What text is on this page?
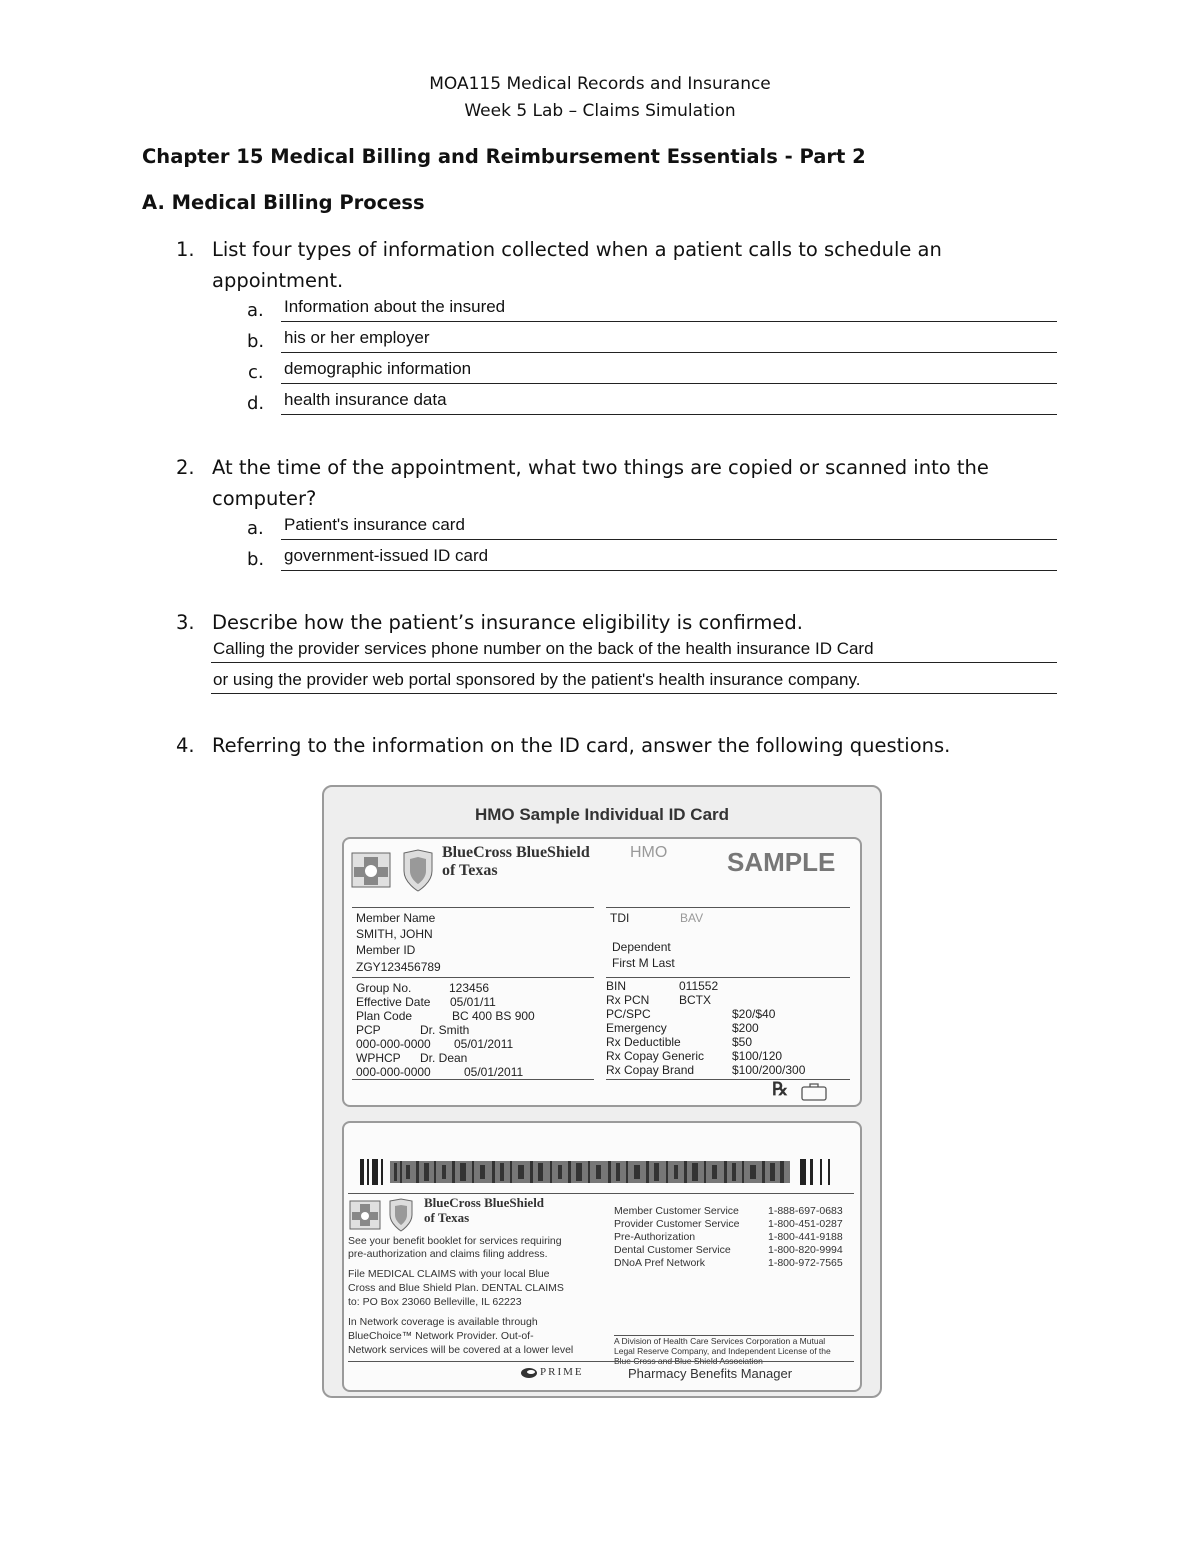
MOA115 Medical Records and Insurance
Week 5 Lab – Claims Simulation
Chapter 15 Medical Billing and Reimbursement Essentials - Part 2
A. Medical Billing Process
1. List four types of information collected when a patient calls to schedule an
appointment.
a. Information about the insured
b. his or her employer
c. demographic information
d. health insurance data
2. At the time of the appointment, what two things are copied or scanned into the
computer?
a. Patient's insurance card
b. government-issued ID card
3. Describe how the patient’s insurance eligibility is confirmed.
Calling the provider services phone number on the back of the health insurance ID Card
or using the provider web portal sponsored by the patient's health insurance company.
4. Referring to the information on the ID card, answer the following questions.
HMO Sample Individual ID Card
BlueCross BlueShield
of Texas
HMO SAMPLE
Member Name
SMITH, JOHN
Member ID
ZGY123456789
Group No.	123456
Effective Date 05/01/11
Plan Code	BC 400 BS 900
PCP	Dr. Smith
000-000-0000 05/01/2011
WPHCP Dr. Dean
000-000-0000	05/01/2011
TDI	BAV
Dependent
First M Last
BIN	011552
Rx PCN BCTX
PC/SPC	$20/$40
Emergency	$200
Rx Deductible	$50
Rx Copay Generic $100/120
Rx Copay Brand	$100/200/300
℞
BlueCross BlueShield
of Texas
See your benefit booklet for services requiring
pre-authorization and claims filing address.
File MEDICAL CLAIMS with your local Blue
Cross and Blue Shield Plan. DENTAL CLAIMS
to: PO Box 23060 Belleville, IL 62223
In Network coverage is available through
BlueChoice™ Network Provider. Out-of-
Network services will be covered at a lower level
Member Customer Service	1-888-697-0683
Provider Customer Service	1-800-451-0287
Pre-Authorization	1-800-441-9188
Dental Customer Service	1-800-820-9994
DNoA Pref Network	1-800-972-7565
A Division of Health Care Services Corporation a Mutual
Legal Reserve Company, and Independent License of the
Blue Cross and Blue Shield Association
PRIME	Pharmacy Benefits Manager
